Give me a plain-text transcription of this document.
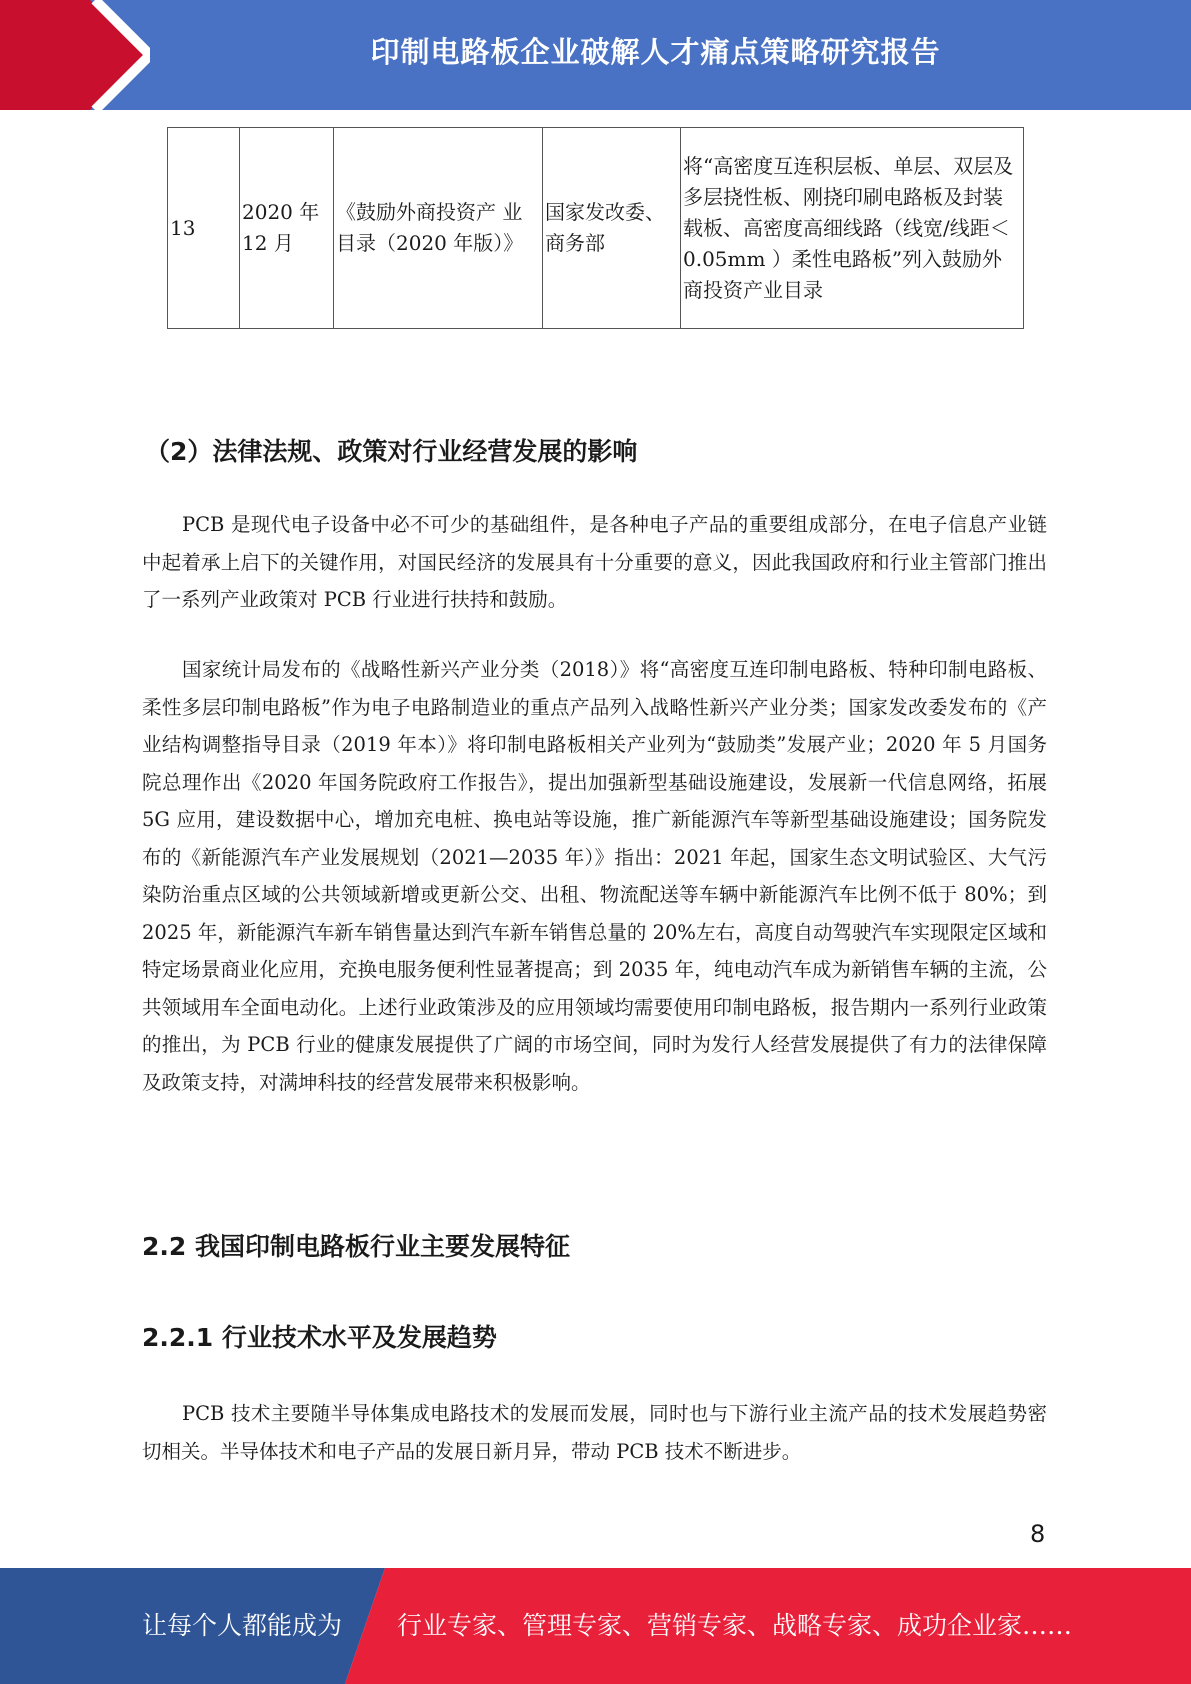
印制电路板企业破解人才痛点策略研究报告
13	2020 年 12 月	《鼓励外商投资产 业目录（2020 年版）》	国家发改委、商务部	将“高密度互连积层板、单层、双层及多层挠性板、刚挠印刷电路板及封装载板、高密度高细线路（线宽/线距＜0.05mm ）柔性电路板”列入鼓励外商投资产业目录
（2）法律法规、政策对行业经营发展的影响

PCB 是现代电子设备中必不可少的基础组件，是各种电子产品的重要组成部分，在电子信息产业链中起着承上启下的关键作用，对国民经济的发展具有十分重要的意义，因此我国政府和行业主管部门推出了一系列产业政策对 PCB 行业进行扶持和鼓励。

国家统计局发布的《战略性新兴产业分类（2018）》将“高密度互连印制电路板、特种印制电路板、柔性多层印制电路板”作为电子电路制造业的重点产品列入战略性新兴产业分类；国家发改委发布的《产业结构调整指导目录（2019 年本）》将印制电路板相关产业列为“鼓励类”发展产业；2020 年 5 月国务院总理作出《2020 年国务院政府工作报告》，提出加强新型基础设施建设，发展新一代信息网络，拓展 5G 应用，建设数据中心，增加充电桩、换电站等设施，推广新能源汽车等新型基础设施建设；国务院发布的《新能源汽车产业发展规划（2021—2035 年）》指出：2021 年起，国家生态文明试验区、大气污染防治重点区域的公共领域新增或更新公交、出租、物流配送等车辆中新能源汽车比例不低于 80%；到 2025 年，新能源汽车新车销售量达到汽车新车销售总量的 20%左右，高度自动驾驶汽车实现限定区域和特定场景商业化应用，充换电服务便利性显著提高；到 2035 年，纯电动汽车成为新销售车辆的主流，公共领域用车全面电动化。上述行业政策涉及的应用领域均需要使用印制电路板，报告期内一系列行业政策的推出，为 PCB 行业的健康发展提供了广阔的市场空间，同时为发行人经营发展提供了有力的法律保障及政策支持，对满坤科技的经营发展带来积极影响。

2.2 我国印制电路板行业主要发展特征
2.2.1 行业技术水平及发展趋势

PCB 技术主要随半导体集成电路技术的发展而发展，同时也与下游行业主流产品的技术发展趋势密切相关。半导体技术和电子产品的发展日新月异，带动 PCB 技术不断进步。

8
让每个人都能成为 行业专家、管理专家、营销专家、战略专家、成功企业家……
